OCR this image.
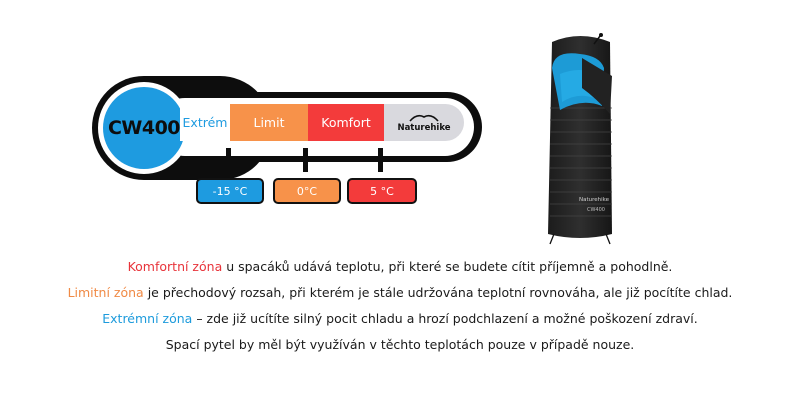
CW400 Extrém	Limit	Komfort	Naturehike
-15 °C	0°C	5 °C
Naturehike
CW400
Komfortní zóna u spacáků udává teplotu, při které se budete cítit příjemně a pohodlně.
Limitní zóna je přechodový rozsah, při kterém je stále udržována teplotní rovnováha, ale již pocítíte chlad.
Extrémní zóna – zde již ucítíte silný pocit chladu a hrozí podchlazení a možné poškození zdraví.
Spací pytel by měl být využíván v těchto teplotách pouze v případě nouze.
